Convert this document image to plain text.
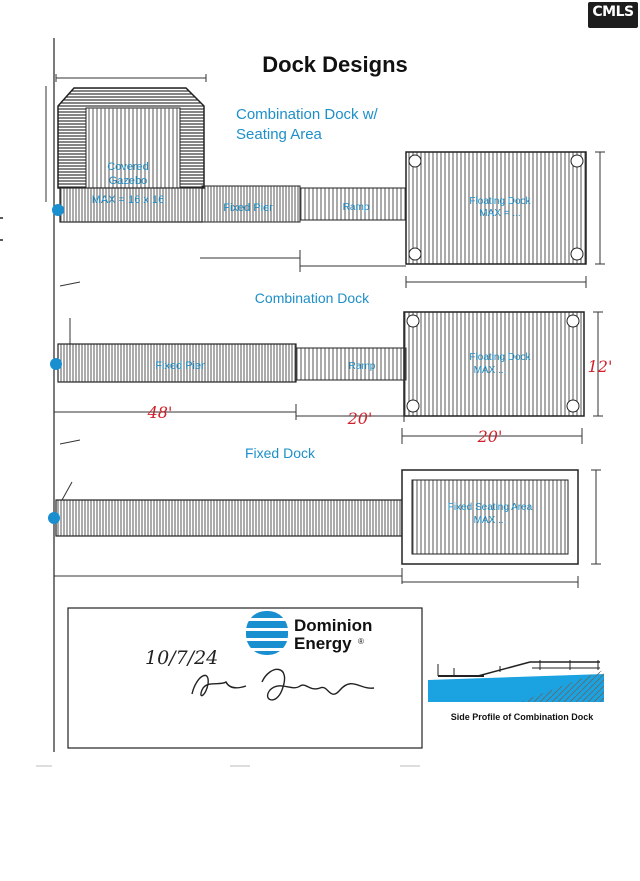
Dock Designs
Combination Dock w/
Seating Area
Covered
Gazebo
MAX = 16 x 16
Fixed Pier	Ramp
Floating Dock
MAX = ...
Combination Dock
Fixed Pier	Ramp
Floating Dock
MAX ...
48'	20'
20'
12'
Fixed Dock
Fixed Seating Area
MAX ...
Dominion
Energy ®
10/7/24
Side Profile of Combination Dock
CMLS
